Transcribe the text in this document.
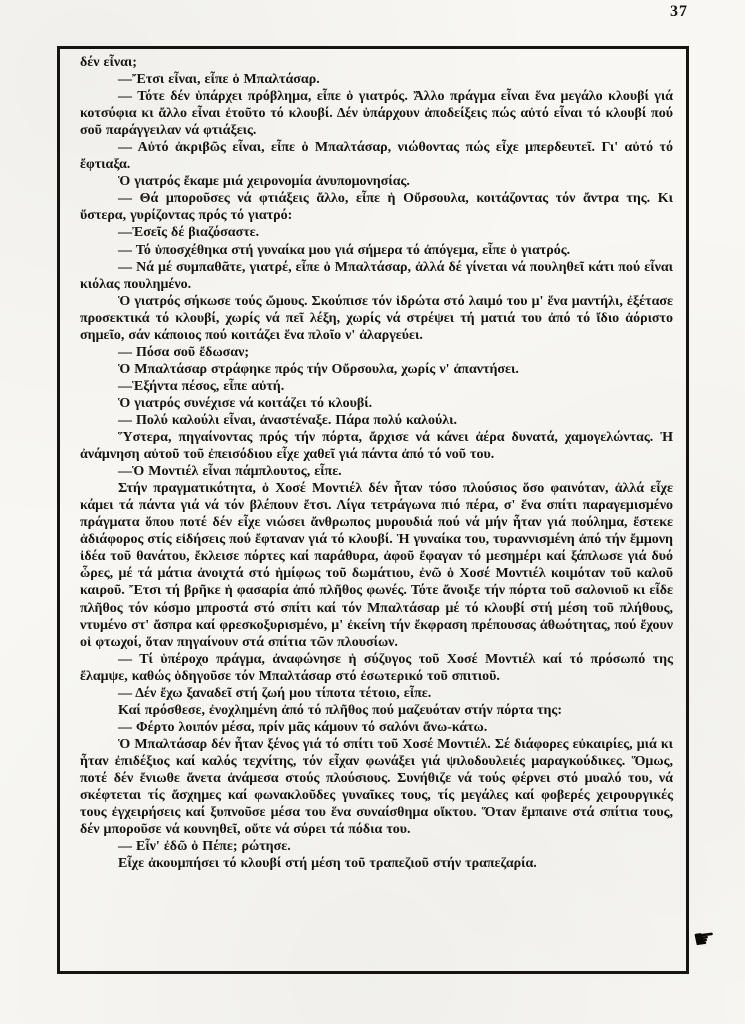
37

δέν εἶναι;

—Ἔτσι εἶναι, εἶπε ὁ Μπαλτάσαρ.

— Τότε δέν ὑπάρχει πρόβλημα, εἶπε ὁ γιατρός. Ἄλλο πράγμα εἶναι ἕνα μεγάλο κλουβί γιά κοτσύφια κι ἄλλο εἶναι ἐτοῦτο τό κλουβί. Δέν ὑπάρχουν ἀποδείξεις πώς αὐτό εἶναι τό κλουβί πού σοῦ παράγγειλαν νά φτιάξεις.

— Αὐτό ἀκριβῶς εἶναι, εἶπε ὁ Μπαλτάσαρ, νιώθοντας πώς εἶχε μπερδευτεῖ. Γι' αὐτό τό ἔφτιαξα.

Ὁ γιατρός ἔκαμε μιά χειρονομία ἀνυπομονησίας.

— Θά μποροῦσες νά φτιάξεις ἄλλο, εἶπε ἡ Οὔρσουλα, κοιτάζοντας τόν ἄντρα της. Κι ὕστερα, γυρίζοντας πρός τό γιατρό:

—Ἐσεῖς δέ βιαζόσαστε.

— Τό ὑποσχέθηκα στή γυναίκα μου γιά σήμερα τό ἀπόγεμα, εἶπε ὁ γιατρός.

— Νά μέ συμπαθᾶτε, γιατρέ, εἶπε ὁ Μπαλτάσαρ, ἀλλά δέ γίνεται νά πουληθεῖ κάτι πού εἶναι κιόλας πουλημένο.

Ὁ γιατρός σήκωσε τούς ὤμους. Σκούπισε τόν ἱδρώτα στό λαιμό του μ' ἕνα μαντήλι, ἐξέτασε προσεκτικά τό κλουβί, χωρίς νά πεῖ λέξη, χωρίς νά στρέψει τή ματιά του ἀπό τό ἴδιο ἀόριστο σημεῖο, σάν κάποιος πού κοιτάζει ἕνα πλοῖο ν' ἀλαργεύει.

— Πόσα σοῦ ἔδωσαν;

Ὁ Μπαλτάσαρ στράφηκε πρός τήν Οὔρσουλα, χωρίς ν' ἀπαντήσει.

—Ἑξήντα πέσος, εἶπε αὐτή.

Ὁ γιατρός συνέχισε νά κοιτάζει τό κλουβί.

— Πολύ καλούλι εἶναι, ἀναστέναξε. Πάρα πολύ καλούλι.

Ὕστερα, πηγαίνοντας πρός τήν πόρτα, ἄρχισε νά κάνει ἀέρα δυνατά, χαμογελώντας. Ἡ ἀνάμνηση αὐτοῦ τοῦ ἐπεισόδιου εἶχε χαθεῖ γιά πάντα ἀπό τό νοῦ του.

—Ὁ Μοντιέλ εἶναι πάμπλουτος, εἶπε.

Στήν πραγματικότητα, ὁ Χοσέ Μοντιέλ δέν ἦταν τόσο πλούσιος ὅσο φαινόταν, ἀλλά εἶχε κάμει τά πάντα γιά νά τόν βλέπουν ἔτσι. Λίγα τετράγωνα πιό πέρα, σ' ἕνα σπίτι παραγεμισμένο πράγματα ὅπου ποτέ δέν εἶχε νιώσει ἄνθρωπος μυρουδιά πού νά μήν ἦταν γιά πούλημα, ἔστεκε ἀδιάφορος στίς εἰδήσεις πού ἔφταναν γιά τό κλουβί. Ἡ γυναίκα του, τυραννισμένη ἀπό τήν ἔμμονη ἰδέα τοῦ θανάτου, ἔκλεισε πόρτες καί παράθυρα, ἀφοῦ ἔφαγαν τό μεσημέρι καί ξάπλωσε γιά δυό ὧρες, μέ τά μάτια ἀνοιχτά στό ἡμίφως τοῦ δωμάτιου, ἐνῶ ὁ Χοσέ Μοντιέλ κοιμόταν τοῦ καλοῦ καιροῦ. Ἔτσι τή βρῆκε ἡ φασαρία ἀπό πλῆθος φωνές. Τότε ἄνοιξε τήν πόρτα τοῦ σαλονιοῦ κι εἶδε πλῆθος τόν κόσμο μπροστά στό σπίτι καί τόν Μπαλτάσαρ μέ τό κλουβί στή μέση τοῦ πλήθους, ντυμένο στ' ἄσπρα καί φρεσκοξυρισμένο, μ' ἐκείνη τήν ἔκφραση πρέπουσας ἀθωότητας, πού ἔχουν οἱ φτωχοί, ὅταν πηγαίνουν στά σπίτια τῶν πλουσίων.

— Τί ὑπέροχο πράγμα, ἀναφώνησε ἡ σύζυγος τοῦ Χοσέ Μοντιέλ καί τό πρόσωπό της ἔλαμψε, καθώς ὁδηγοῦσε τόν Μπαλτάσαρ στό ἐσωτερικό τοῦ σπιτιοῦ.

— Δέν ἔχω ξαναδεῖ στή ζωή μου τίποτα τέτοιο, εἶπε.

Καί πρόσθεσε, ἐνοχλημένη ἀπό τό πλῆθος πού μαζευόταν στήν πόρτα της:

— Φέρτο λοιπόν μέσα, πρίν μᾶς κάμουν τό σαλόνι ἄνω-κάτω.

Ὁ Μπαλτάσαρ δέν ἦταν ξένος γιά τό σπίτι τοῦ Χοσέ Μοντιέλ. Σέ διάφορες εὐκαιρίες, μιά κι ἦταν ἐπιδέξιος καί καλός τεχνίτης, τόν εἶχαν φωνάξει γιά ψιλοδουλειές μαραγκούδικες. Ὅμως, ποτέ δέν ἔνιωθε ἄνετα ἀνάμεσα στούς πλούσιους. Συνήθιζε νά τούς φέρνει στό μυαλό του, νά σκέφτεται τίς ἄσχημες καί φωνακλοῦδες γυναῖκες τους, τίς μεγάλες καί φοβερές χειρουργικές τους ἐγχειρήσεις καί ξυπνοῦσε μέσα του ἕνα συναίσθημα οἴκτου. Ὅταν ἔμπαινε στά σπίτια τους, δέν μποροῦσε νά κουνηθεῖ, οὔτε νά σύρει τά πόδια του.

— Εἶν' ἐδῶ ὁ Πέπε; ρώτησε.

Εἶχε ἀκουμπήσει τό κλουβί στή μέση τοῦ τραπεζιοῦ στήν τραπεζαρία.

☛
